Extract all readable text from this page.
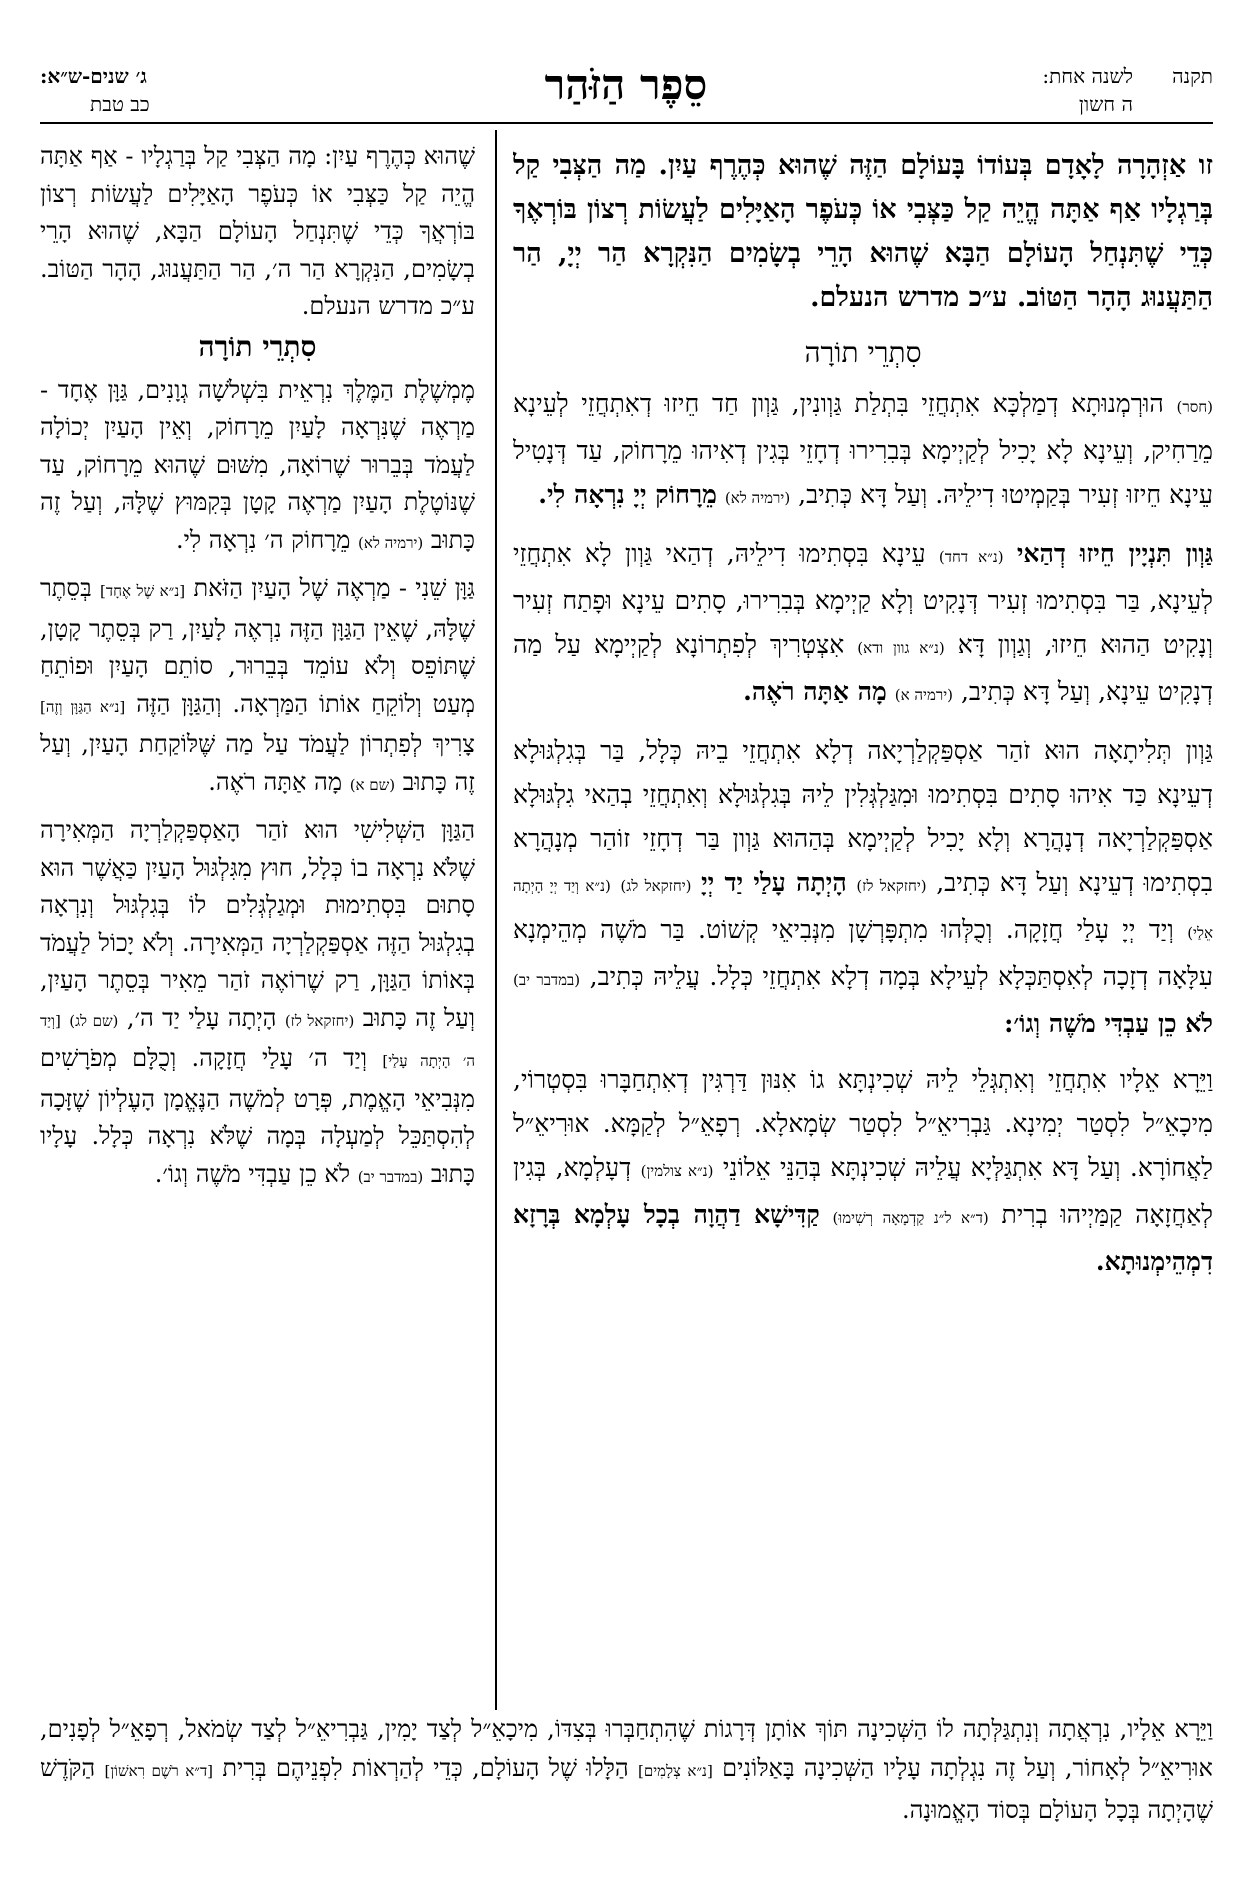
תקנה
לשנה אחת:
ה חשון
סֵפֶר הַזֹּהַר
ג׳ שנים-ש״א:
כב טבת

זו אַזְהָרָה לָאָדָם בְּעוֹדוֹ בָּעוֹלָם הַזֶּה שֶׁהוּא כְּהֶרֶף עַיִן. מַה הַצְּבִי קַל בְּרַגְלָיו אַף אַתָּה הֱיֵה קַל כַּצְּבִי אוֹ כְּעֹפֶר הָאַיָּלִים לַעֲשׂוֹת רְצוֹן בּוֹרְאֶךָ כְּדֵי שֶׁתִּנְחַל הָעוֹלָם הַבָּא שֶׁהוּא הָרֵי בְשָׂמִים הַנִּקְרָא הַר יְיָ, הַר הַתַּעֲנוּג הָהָר הַטּוֹב. ע״כ מדרש הנעלם.

סִתְרֵי תוֹרָה

(חסר) הוּרְמְנוּתָא דְמַלְכָּא אִתְחֲזֵי בִּתְלַת גַּוְונִין, גַּוְון חַד חֵיזוּ דְאִתְחֲזֵי לְעֵינָא מֵרַחִיק, וְעֵינָא לָא יָכִיל לְקַיְימָא בְּבִרִירוּ דְחָזֵי בְּגִין דְאִיהוּ מֵרָחוֹק, עַד דְּנָטִיל עֵינָא חֵיזוּ זְעִיר בְּקַמְיטוּ דִילֵיהּ. וְעַל דָּא כְּתִיב, (ירמיה לא) מֵרָחוֹק יְיָ נִרְאָה לִי.

גַּוְון תִּנְיָין חֵיזוּ דְהַאי (נ״א דחד) עֵינָא בִּסְתִימוּ דִילֵיהּ, דְהַאי גַּוְון לָא אִתְחֲזֵי לְעֵינָא, בַּר בִּסְתִימוּ זְעִיר דְּנָקִיט וְלָא קַיְימָא בְּבִרִירוּ, סָתִים עֵינָא וּפָתַח זְעִיר וְנָקִיט הַהוּא חֵיזוּ, וְגַוְון דָּא (נ״א גוון ודא) אִצְטְרִיךְ לְפִתְרוֹנָא לְקַיְימָא עַל מַה דְנָקִיט עֵינָא, וְעַל דָּא כְּתִיב, (ירמיה א) מָה אַתָּה רֹאֶה.

גַּוְון תְּלִיתָאָה הוּא זֹהַר אַסְפַּקְלַרְיָאה דְלָא אִתְחֲזֵי בֵיהּ כְּלָל, בַּר בְּגִלְגּוּלָא דְעֵינָא כַּד אִיהוּ סָתִים בִּסְתִימוּ וּמִגַּלְגְּלִין לֵיהּ בְּגִלְגּוּלָא וְאִתְחֲזֵי בְהַאי גִלְגּוּלָא אַסְפַּקְלַרְיָאה דְנָהֲרָא וְלָא יָכִיל לְקַיְימָא בְּהַהוּא גַּוְון בַּר דְחָזֵי זוֹהַר מְנָהֲרָא בִסְתִימוּ דְעֵינָא וְעַל דָּא כְּתִיב, (יחזקאל לז) הָיְתָה עָלַי יַד יְיָ (יחזקאל לג) (נ״א וְיַד יְיָ הָיְתָה אֵלַי) וְיַד יְיָ עָלַי חֲזָקָה. וְכֻלְּהוּ מִתְפָּרְשָׁן מִנְּבִיאֵי קְשׁוֹט. בַּר מֹשֶׁה מְהֵימְנָא עִלָּאָה דְזָכָה לְאִסְתַּכְּלָא לְעֵילָא בְּמָה דְלָא אִתְחֲזֵי כְּלָל. עֲלֵיהּ כְּתִיב, (במדבר יב) לֹא כֵן עַבְדִּי מֹשֶׁה וְגוֹ׳:

וַיֵּרָא אֵלָיו אִתְחֲזֵי וְאִתְגְּלֵי לֵיהּ שְׁכִינְתָּא גוֹ אִנּוּן דַּרְגִּין דְאִתְחַבָּרוּ בִּסְטְרוֹי, מִיכָאֵ״ל לִסְטַר יְמִינָא. גַּבְרִיאֵ״ל לִסְטַר שְׂמָאלָא. רְפָאֵ״ל לְקַמָּא. אוּרִיאֵ״ל לַאֲחוֹרָא. וְעַל דָּא אִתְגַּלְּיָא עֲלֵיהּ שְׁכִינְתָּא בְּהַנֵּי אֵלוֹנֵי (נ״א צולמין) דְעָלְמָא, בְּגִין לְאַחֲזָאָה קַמַּיְיהוּ בְרִית (ד״א ל״נ קַדְמָאָה רְשִׁימוּ) קַדִּישָׁא דַהֲוָה בְכָל עָלְמָא בְּרָזָא דִמְהֵימְנוּתָא.

שֶׁהוּא כְּהֶרֶף עַיִן: מָה הַצְּבִי קַל בְּרַגְלָיו - אַף אַתָּה הֱיֵה קַל כַּצְּבִי אוֹ כְּעֹפֶר הָאַיָּלִים לַעֲשׂוֹת רְצוֹן בּוֹרְאֲךָ כְּדֵי שֶׁתִּנְחַל הָעוֹלָם הַבָּא, שֶׁהוּא הָרֵי בְשָׂמִים, הַנִּקְרָא הַר ה׳, הַר הַתַּעֲנוּג, הָהָר הַטּוֹב. ע״כ מדרש הנעלם.

סִתְרֵי תוֹרָה

מֶמְשֶׁלֶת הַמֶּלֶךְ נִרְאֵית בִּשְׁלֹשָׁה גְוָנִים, גַּוָּן אֶחָד - מַרְאֶה שֶׁנִּרְאָה לָעַיִן מֵרָחוֹק, וְאֵין הָעַיִן יְכוֹלָה לַעֲמֹד בְּבֵרוּר שֶׁרוֹאָה, מִשּׁוּם שֶׁהוּא מֵרָחוֹק, עַד שֶׁנּוֹטֶלֶת הָעַיִן מַרְאֶה קָטָן בְּקִמּוּץ שֶׁלָּהּ, וְעַל זֶה כָּתוּב (ירמיה לא) מֵרָחוֹק ה׳ נִרְאָה לִי.

גַּוָּן שֵׁנִי - מַרְאֶה שֶׁל הָעַיִן הַזֹּאת [נ״א שֶׁל אֶחָד] בְּסֵתֶר שֶׁלָּהּ, שֶׁאֵין הַגַּוָּן הַזֶּה נִרְאֶה לָעַיִן, רַק בְּסֵתֶר קָטָן, שֶׁתּוֹפֵס וְלֹא עוֹמֵד בְּבֵרוּר, סוֹתֵם הָעַיִן וּפוֹתֵחַ מְעַט וְלוֹקֵחַ אוֹתוֹ הַמַּרְאָה. וְהַגַּוָּן הַזֶּה [נ״א הַגַּוָּן וְזֶה] צָרִיךְ לְפִתְרוֹן לַעֲמֹד עַל מַה שֶּׁלּוֹקַחַת הָעַיִן, וְעַל זֶה כָּתוּב (שם א) מָה אַתָּה רֹאֶה.

הַגַּוָּן הַשְּׁלִישִׁי הוּא זֹהַר הָאַסְפַּקְלַרְיָה הַמְּאִירָה שֶׁלֹּא נִרְאָה בוֹ כְּלָל, חוּץ מִגִּלְגּוּל הָעַיִן כַּאֲשֶׁר הוּא סָתוּם בִּסְתִימוּת וּמְגַלְגְּלִים לוֹ בְּגִלְגּוּל וְנִרְאָה בְגִלְגּוּל הַזֶּה אַסְפַּקְלַרְיָה הַמְּאִירָה. וְלֹא יָכוֹל לַעֲמֹד בְּאוֹתוֹ הַגַּוָּן, רַק שֶׁרוֹאֶה זֹהַר מֵאִיר בְּסֵתֶר הָעַיִן, וְעַל זֶה כָּתוּב (יחזקאל לז) הָיְתָה עָלַי יַד ה׳, (שם לג) [וְיַד ה׳ הָיְתָה עָלַי] וְיַד ה׳ עָלַי חֲזָקָה. וְכֻלָּם מְפֹרָשִׁים מִנְּבִיאֵי הָאֱמֶת, פְּרָט לְמֹשֶׁה הַנֶּאֱמָן הָעֶלְיוֹן שֶׁזָּכָה לְהִסְתַּכֵּל לְמַעְלָה בְּמָה שֶׁלֹּא נִרְאָה כְּלָל. עָלָיו כָּתוּב (במדבר יב) לֹא כֵן עַבְדִּי מֹשֶׁה וְגוֹ׳.

וַיֵּרָא אֵלָיו, נִרְאֲתָה וְנִתְגַּלְּתָה לוֹ הַשְּׁכִינָה תּוֹךְ אוֹתָן דְּרָגוֹת שֶׁהִתְחַבְּרוּ בְּצִדּוֹ, מִיכָאֵ״ל לְצַד יָמִין, גַּבְרִיאֵ״ל לְצַד שְׂמֹאל, רְפָאֵ״ל לְפָנִים, אוּרִיאֵ״ל לְאָחוֹר, וְעַל זֶה נִגְלְתָה עָלָיו הַשְּׁכִינָה בָּאַלּוֹנִים [נ״א צְלָמִים] הַלָּלוּ שֶׁל הָעוֹלָם, כְּדֵי לְהַרְאוֹת לִפְנֵיהֶם בְּרִית [ד״א רֹשֶׁם רִאשׁוֹן] הַקֹּדֶשׁ שֶׁהָיְתָה בְּכָל הָעוֹלָם בְּסוֹד הָאֱמוּנָה.
